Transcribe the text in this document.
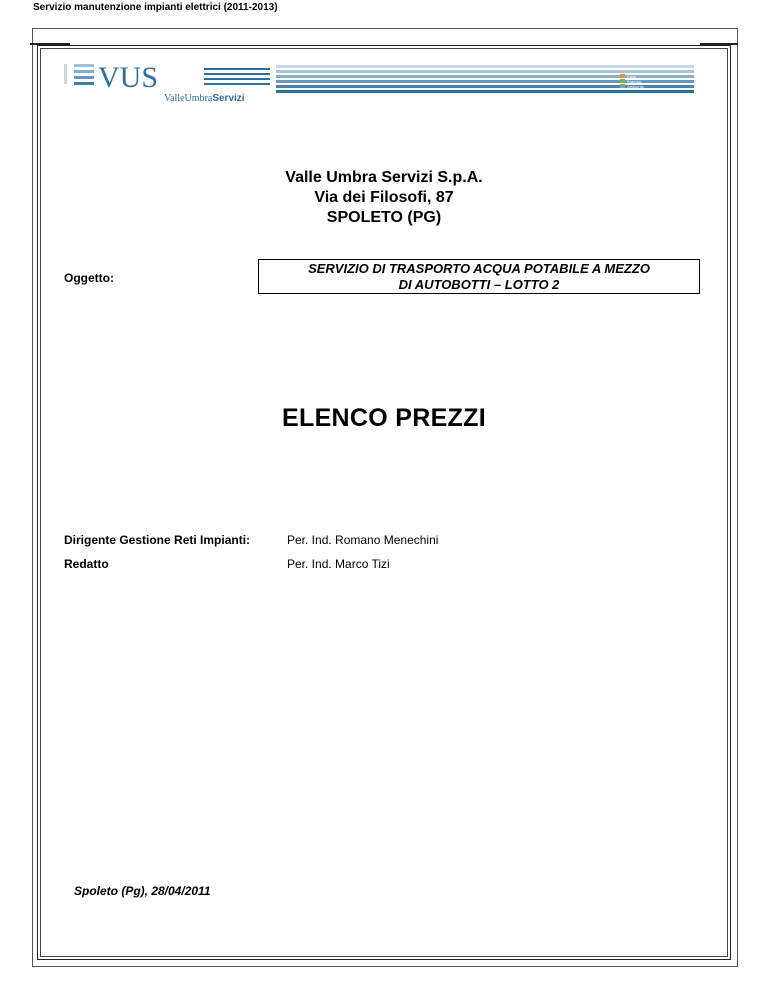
Servizio manutenzione impianti elettrici (2011-2013)
VUS
ValleUmbraServizi
Ciclo
Energia
Ambiente
Valle Umbra Servizi S.p.A.
Via dei Filosofi, 87
SPOLETO (PG)
Oggetto:
SERVIZIO DI TRASPORTO ACQUA POTABILE A MEZZO
DI AUTOBOTTI – LOTTO 2
ELENCO PREZZI
Dirigente Gestione Reti Impianti:	Per. Ind. Romano Menechini
Redatto	Per. Ind. Marco Tizi
Spoleto (Pg), 28/04/2011
